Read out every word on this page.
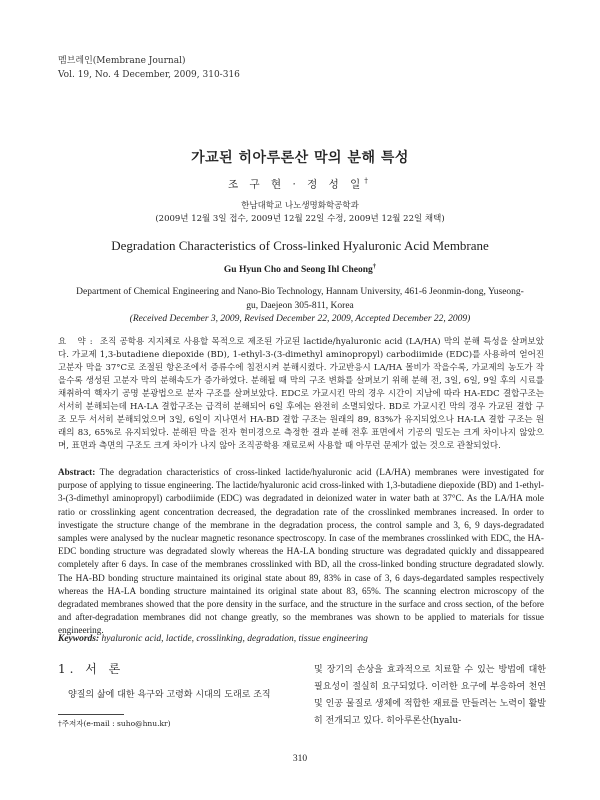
멤브레인(Membrane Journal)
Vol. 19, No. 4 December, 2009, 310-316
가교된 히아루론산 막의 분해 특성
조 구 현 · 정 성 일†
한남대학교 나노생명화학공학과
(2009년 12월 3일 접수, 2009년 12월 22일 수정, 2009년 12월 22일 채택)
Degradation Characteristics of Cross-linked Hyaluronic Acid Membrane
Gu Hyun Cho and Seong Ihl Cheong†
Department of Chemical Engineering and Nano-Bio Technology, Hannam University, 461-6 Jeonmin-dong, Yuseong-gu, Daejeon 305-811, Korea
(Received December 3, 2009, Revised December 22, 2009, Accepted December 22, 2009)
요 약: 조직 공학용 지지체로 사용할 목적으로 제조된 가교된 lactide/hyaluronic acid (LA/HA) 막의 분해 특성을 살펴보았다. 가교제 1,3-butadiene diepoxide (BD), 1-ethyl-3-(3-dimethyl aminopropyl) carbodiimide (EDC)를 사용하여 얻어진 고분자 막을 37°C로 조절된 항온조에서 증류수에 침전시켜 분해시켰다. 가교반응시 LA/HA 몰비가 작을수록, 가교제의 농도가 작을수록 생성된 고분자 막의 분해속도가 증가하였다. 분해될 때 막의 구조 변화를 살펴보기 위해 분해 전, 3일, 6일, 9일 후의 시료를 채취하여 핵자기 공명 분광법으로 분자 구조를 살펴보았다. EDC로 가교시킨 막의 경우 시간이 지남에 따라 HA-EDC 결합구조는 서서히 분해되는데 HA-LA 결합구조는 급격히 분해되어 6일 후에는 완전히 소멸되었다. BD로 가교시킨 막의 경우 가교된 결합 구조 모두 서서히 분해되었으며 3일, 6일이 지나면서 HA-BD 결합 구조는 원래의 89, 83%가 유지되었으나 HA-LA 결합 구조는 원래의 83, 65%로 유지되었다. 분해된 막을 전자 현미경으로 측정한 결과 분해 전후 표면에서 기공의 밀도는 크게 차이나지 않았으며, 표면과 측면의 구조도 크게 차이가 나지 않아 조직공학용 재료로써 사용할 때 아무런 문제가 없는 것으로 관찰되었다.
Abstract: The degradation characteristics of cross-linked lactide/hyaluronic acid (LA/HA) membranes were investigated for purpose of applying to tissue engineering. The lactide/hyaluronic acid cross-linked with 1,3-butadiene diepoxide (BD) and 1-ethyl-3-(3-dimethyl aminopropyl) carbodiimide (EDC) was degradated in deionized water in water bath at 37°C. As the LA/HA mole ratio or crosslinking agent concentration decreased, the degradation rate of the crosslinked membranes increased. In order to investigate the structure change of the membrane in the degradation process, the control sample and 3, 6, 9 days-degradated samples were analysed by the nuclear magnetic resonance spectroscopy. In case of the membranes crosslinked with EDC, the HA-EDC bonding structure was degradated slowly whereas the HA-LA bonding structure was degradated quickly and dissappeared completely after 6 days. In case of the membranes crosslinked with BD, all the cross-linked bonding structure degradated slowly. The HA-BD bonding structure maintained its original state about 89, 83% in case of 3, 6 days-degardated samples respectively whereas the HA-LA bonding structure maintained its original state about 83, 65%. The scanning electron microscopy of the degradated membranes showed that the pore density in the surface, and the structure in the surface and cross section, of the before and after-degradation membranes did not change greatly, so the membranes was shown to be applied to materials for tissue engineering.
Keywords: hyaluronic acid, lactide, crosslinking, degradation, tissue engineering
1. 서 론
양질의 삶에 대한 욕구와 고령화 시대의 도래로 조직
및 장기의 손상을 효과적으로 치료할 수 있는 방법에 대한 필요성이 절실히 요구되었다. 이러한 요구에 부응하여 천연 및 인공 물질로 생체에 적합한 재료를 만들려는 노력이 활발히 전개되고 있다. 히아루론산(hyalu-
†주저자(e-mail : suho@hnu.kr)
310
